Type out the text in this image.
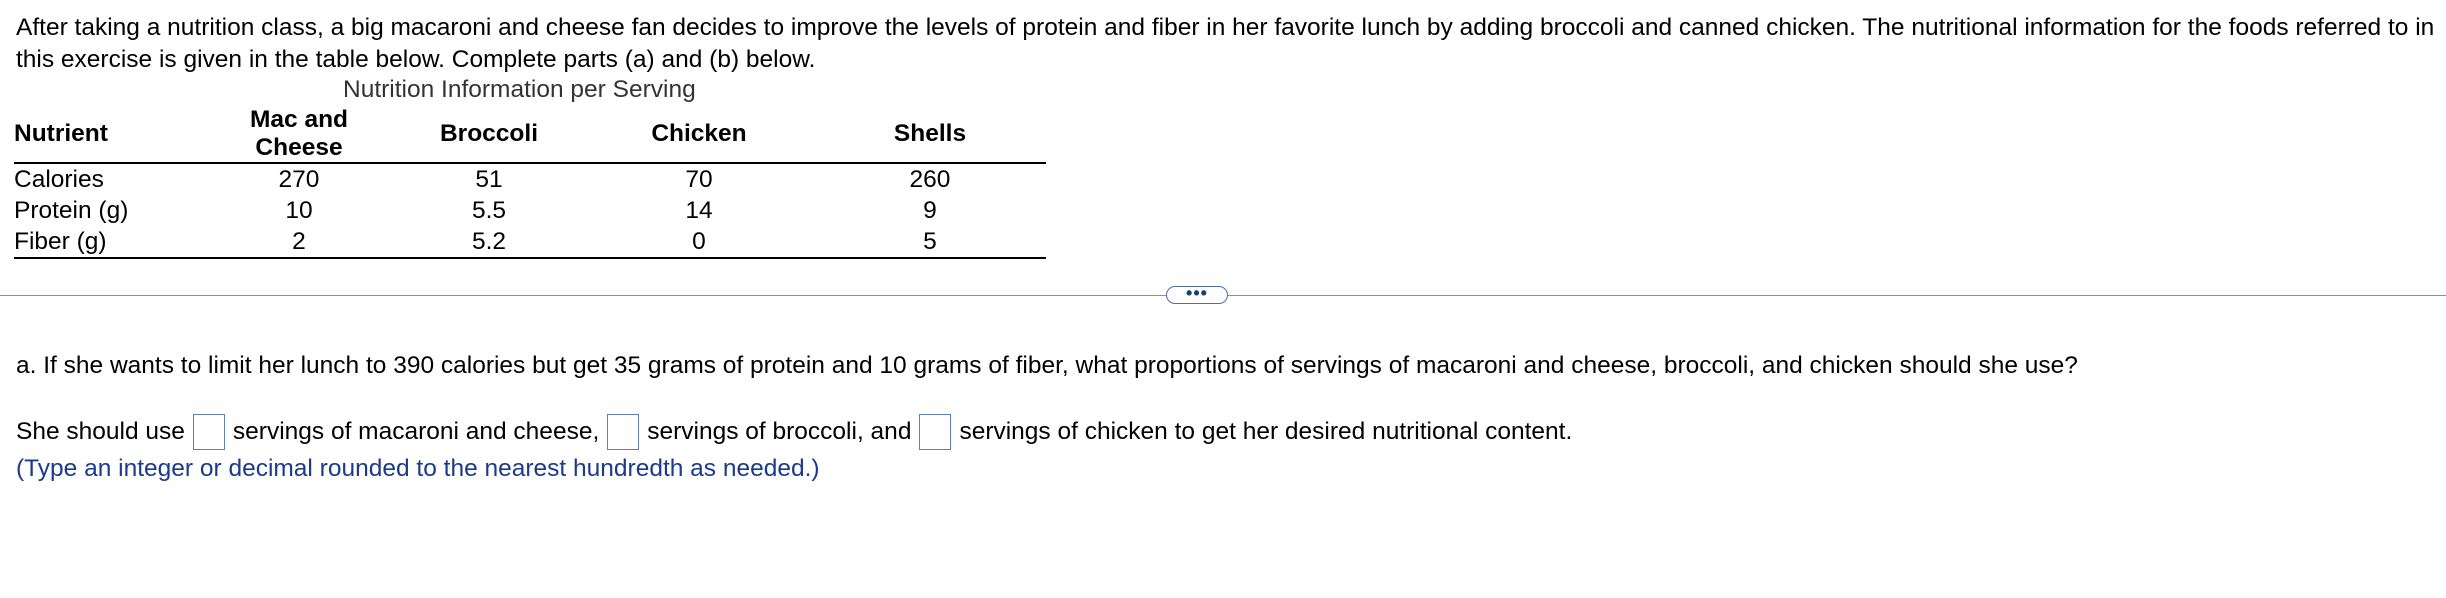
After taking a nutrition class, a big macaroni and cheese fan decides to improve the levels of protein and fiber in her favorite lunch by adding broccoli and canned chicken. The nutritional information for the foods referred to in this exercise is given in the table below. Complete parts (a) and (b) below.
Nutrition Information per Serving
Nutrient	Mac and Cheese	Broccoli	Chicken	Shells
Calories	270	51	70	260
Protein (g)	10	5.5	14	9
Fiber (g)	2	5.2	0	5
•••
a. If she wants to limit her lunch to 390 calories but get 35 grams of protein and 10 grams of fiber, what proportions of servings of macaroni and cheese, broccoli, and chicken should she use?
She should use servings of macaroni and cheese, servings of broccoli, and servings of chicken to get her desired nutritional content.
(Type an integer or decimal rounded to the nearest hundredth as needed.)
